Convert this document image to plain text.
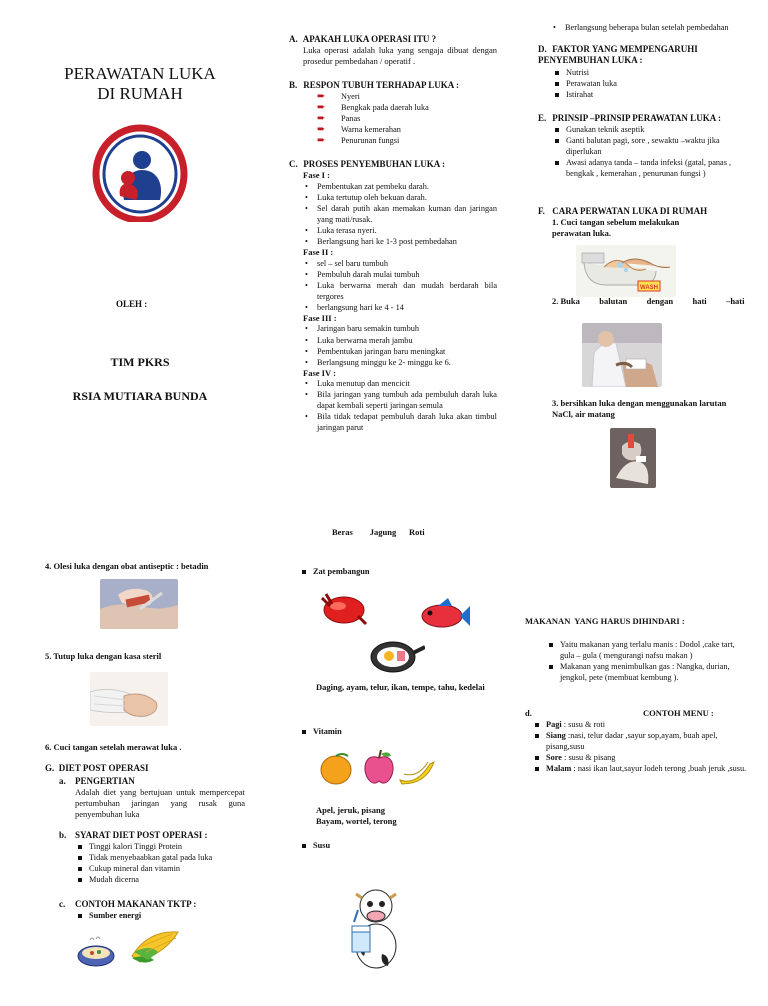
PERAWATAN LUKA
DI RUMAH
OLEH :
TIM PKRS
RSIA MUTIARA BUNDA
A. APAKAH LUKA OPERASI ITU ?

Luka operasi adalah luka yang sengaja dibuat dengan prosedur pembedahan / operatif .

B. RESPON TUBUH TERHADAP LUKA :
➨ Nyeri
➨ Bengkak pada daerah luka
➨ Panas
➨ Warna kemerahan
➨ Penurunan fungsi
C. PROSES PENYEMBUHAN LUKA :
Fase I :
• Pembentukan zat pembeku darah.
• Luka tertutup oleh bekuan darah.
• Sel darah putih akan memakan kuman dan jaringan yang mati/rusak.
• Luka terasa nyeri.
• Berlangsung hari ke 1-3 post pembedahan
Fase II :
• sel – sel baru tumbuh
• Pembuluh darah mulai tumbuh
• Luka berwarna merah dan mudah berdarah bila tergores
• berlangsung hari ke 4 - 14
Fase III :
• Jaringan baru semakin tumbuh
• Luka berwarna merah jambu
• Pembentukan jaringan baru meningkat
• Berlangsung minggu ke 2- minggu ke 6.
Fase IV :
• Luka menutup dan mencicit
• Bila jaringan yang tumbuh ada pembuluh darah luka dapat kembali seperti jaringan semula
• Bila tidak tedapat pembuluh darah luka akan timbul jaringan parut
• Berlangsung beberapa bulan setelah pembedahan
D. FAKTOR YANG MEMPENGARUHI PENYEMBUHAN LUKA :
Nutrisi
Perawatan luka
Istirahat
E. PRINSIP –PRINSIP PERAWATAN LUKA :
Gunakan teknik aseptik
Ganti balutan pagi, sore , sewaktu –waktu jika diperlukan
Awasi adanya tanda – tanda infeksi (gatal, panas , bengkak , kemerahan , penurunan fungsi )
F. CARA PERWATAN LUKA DI RUMAH
1. Cuci tangan sebelum melakukan perawatan luka.
WASH
2. Buka balutan dengan hati –hati
3. bersihkan luka dengan menggunakan larutan NaCl, air matang
Beras        Jagung      Roti
4. Olesi luka dengan obat antiseptic : betadin
5. Tutup luka dengan kasa steril
6. Cuci tangan setelah merawat luka .
G.  DIET POST OPERASI
a. PENGERTIAN

Adalah diet yang bertujuan untuk mempercepat pertumbuhan jaringan yang rusak guna penyembuhan luka

b. SYARAT DIET POST OPERASI :
Tinggi kalori Tinggi Protein
Tidak menyebaabkan gatal pada luka
Cukup mineral dan vitamin
Mudah dicerna
c. CONTOH MAKANAN TKTP :
Sumber energi
Zat pembangun
Daging, ayam, telur, ikan, tempe, tahu, kedelai
Vitamin
Apel, jeruk, pisang
Bayam, wortel, terong
Susu
MAKANAN  YANG HARUS DIHINDARI :
Yaitu makanan yang terlalu manis : Dodol ,cake tart, gula – gula ( mengurangi nafsu makan )
Makanan yang menimbulkan gas : Nangka, durian, jengkol, pete (membuat kembung ).
d.	CONTOH MENU :
Pagi : susu & roti
Siang :nasi, telur dadar ,sayur sop,ayam, buah apel, pisang,susu
Sore : susu & pisang
Malam : nasi ikan laut,sayur lodeh terong ,buah jeruk ,susu.
